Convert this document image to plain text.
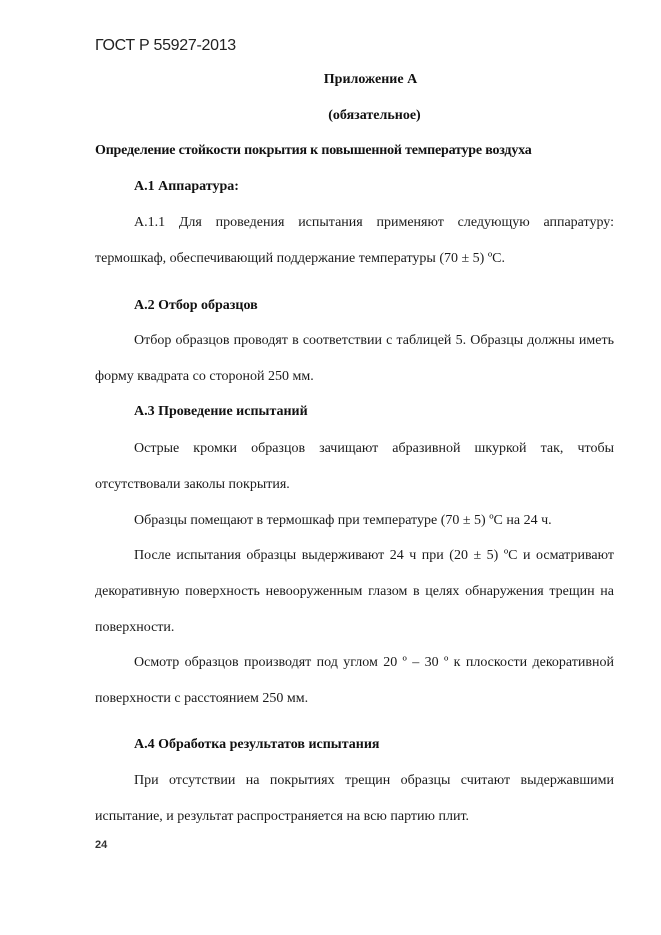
ГОСТ Р 55927-2013
Приложение А
(обязательное)
Определение стойкости покрытия к повышенной температуре воздуха
А.1 Аппаратура:
А.1.1 Для проведения испытания применяют следующую аппаратуру: термошкаф, обеспечивающий поддержание температуры (70 ± 5) ºС.
А.2 Отбор образцов
Отбор образцов проводят в соответствии с таблицей 5. Образцы должны иметь форму квадрата со стороной 250 мм.
А.3 Проведение испытаний
Острые кромки образцов зачищают абразивной шкуркой так, чтобы отсутствовали заколы покрытия.
Образцы помещают в термошкаф при температуре (70 ± 5) ºС на 24 ч.
После испытания образцы выдерживают 24 ч при (20 ± 5) ºС и осматривают декоративную поверхность невооруженным глазом в целях обнаружения трещин на поверхности.
Осмотр образцов производят под углом 20 º – 30 º к плоскости декоративной поверхности с расстоянием 250 мм.
А.4 Обработка результатов испытания
При отсутствии на покрытиях трещин образцы считают выдержавшими испытание, и результат распространяется на всю партию плит.
24
